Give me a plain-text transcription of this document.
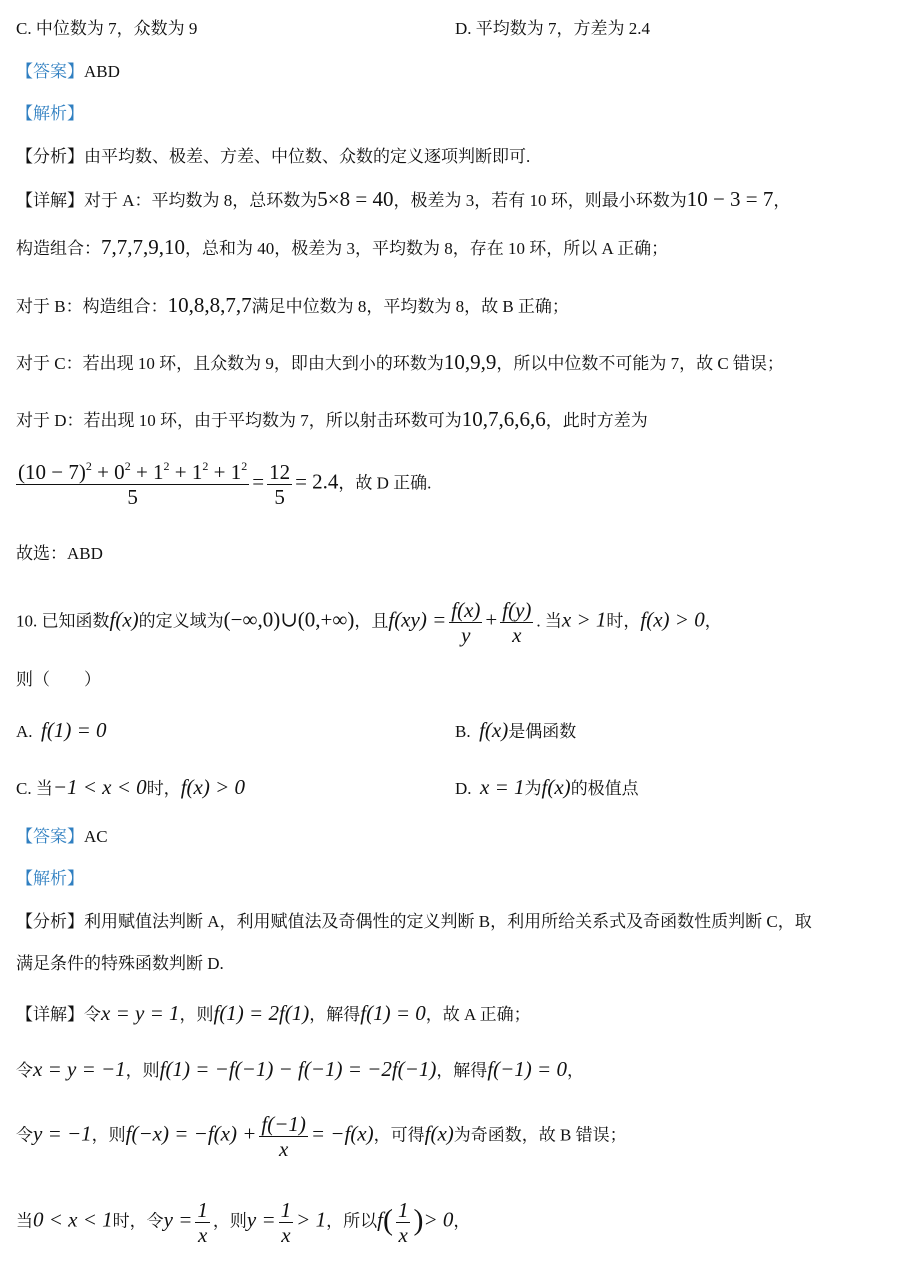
C. 中位数为 7，众数为 9	D. 平均数为 7，方差为 2.4
【答案】ABD
【解析】
【分析】由平均数、极差、方差、中位数、众数的定义逐项判断即可.
【详解】对于 A：平均数为 8，总环数为5×8 = 40，极差为 3，若有 10 环，则最小环数为10 − 3 = 7，
构造组合：7,7,7,9,10，总和为 40，极差为 3，平均数为 8，存在 10 环，所以 A 正确；
对于 B：构造组合：10,8,8,7,7满足中位数为 8，平均数为 8，故 B 正确；
对于 C：若出现 10 环，且众数为 9，即由大到小的环数为10,9,9，所以中位数不可能为 7，故 C 错误；
对于 D：若出现 10 环，由于平均数为 7，所以射击环数可为10,7,6,6,6，此时方差为
$\frac{(10 - 7)^2 + 0^2 + 1^2 + 1^2 + 1^2}{5} = \frac{12}{5} = 2.4$，故 D 正确.
故选：ABD
10. 已知函数f(x)的定义域为(−∞,0)∪(0,+∞)，且$f(xy) = \frac{f(x)}{y} + \frac{f(y)}{x}$ . 当x > 1时，f(x) > 0，
则（　　）
A. f(1) = 0	B. f(x)是偶函数
C. 当−1 < x < 0时，f(x) > 0	D. x = 1为f(x)的极值点
【答案】AC
【解析】
【分析】利用赋值法判断 A，利用赋值法及奇偶性的定义判断 B，利用所给关系式及奇函数性质判断 C，取
满足条件的特殊函数判断 D.
【详解】令x = y = 1，则f(1) = 2f(1)，解得f(1) = 0，故 A 正确；
令x = y = −1，则f(1) = −f(−1) − f(−1) = −2f(−1)，解得f(−1) = 0，
令y = −1，则$f(-x) = -f(x) + \frac{f(-1)}{x} = -f(x)$，可得f(x)为奇函数，故 B 错误；
当0 < x < 1时，令$y = \frac{1}{x}$ ，则$y = \frac{1}{x} > 1$，所以$f( \frac{1}{x}$ )> 0，
